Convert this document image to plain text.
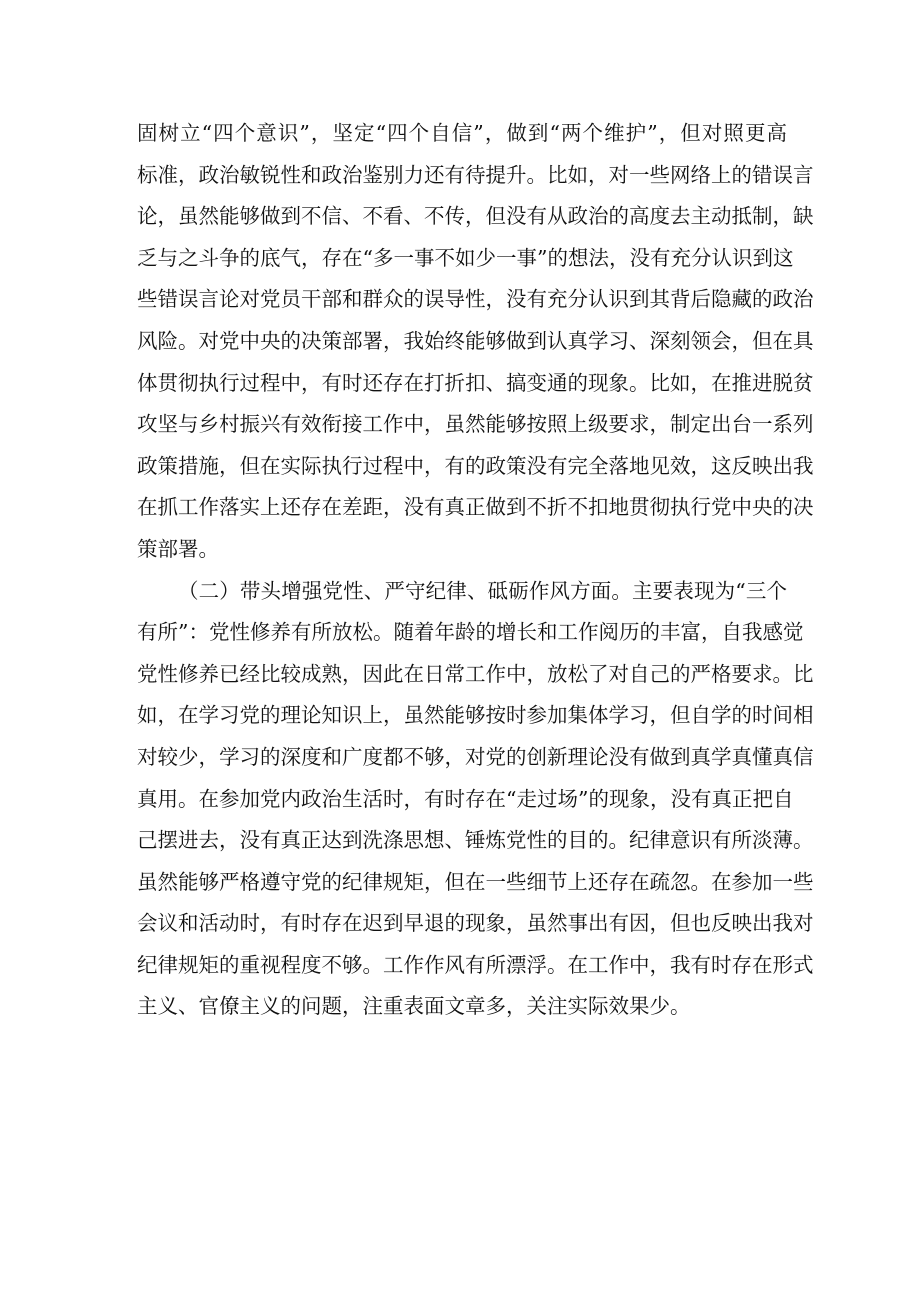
固树立“四个意识”，坚定“四个自信”，做到“两个维护”，但对照更高
标准，政治敏锐性和政治鉴别力还有待提升。比如，对一些网络上的错误言
论，虽然能够做到不信、不看、不传，但没有从政治的高度去主动抵制，缺
乏与之斗争的底气，存在“多一事不如少一事”的想法，没有充分认识到这
些错误言论对党员干部和群众的误导性，没有充分认识到其背后隐藏的政治
风险。对党中央的决策部署，我始终能够做到认真学习、深刻领会，但在具
体贯彻执行过程中，有时还存在打折扣、搞变通的现象。比如，在推进脱贫
攻坚与乡村振兴有效衔接工作中，虽然能够按照上级要求，制定出台一系列
政策措施，但在实际执行过程中，有的政策没有完全落地见效，这反映出我
在抓工作落实上还存在差距，没有真正做到不折不扣地贯彻执行党中央的决
策部署。
（二）带头增强党性、严守纪律、砥砺作风方面。主要表现为“三个
有所”：党性修养有所放松。随着年龄的增长和工作阅历的丰富，自我感觉
党性修养已经比较成熟，因此在日常工作中，放松了对自己的严格要求。比
如，在学习党的理论知识上，虽然能够按时参加集体学习，但自学的时间相
对较少，学习的深度和广度都不够，对党的创新理论没有做到真学真懂真信
真用。在参加党内政治生活时，有时存在“走过场”的现象，没有真正把自
己摆进去，没有真正达到洗涤思想、锤炼党性的目的。纪律意识有所淡薄。
虽然能够严格遵守党的纪律规矩，但在一些细节上还存在疏忽。在参加一些
会议和活动时，有时存在迟到早退的现象，虽然事出有因，但也反映出我对
纪律规矩的重视程度不够。工作作风有所漂浮。在工作中，我有时存在形式
主义、官僚主义的问题，注重表面文章多，关注实际效果少。
